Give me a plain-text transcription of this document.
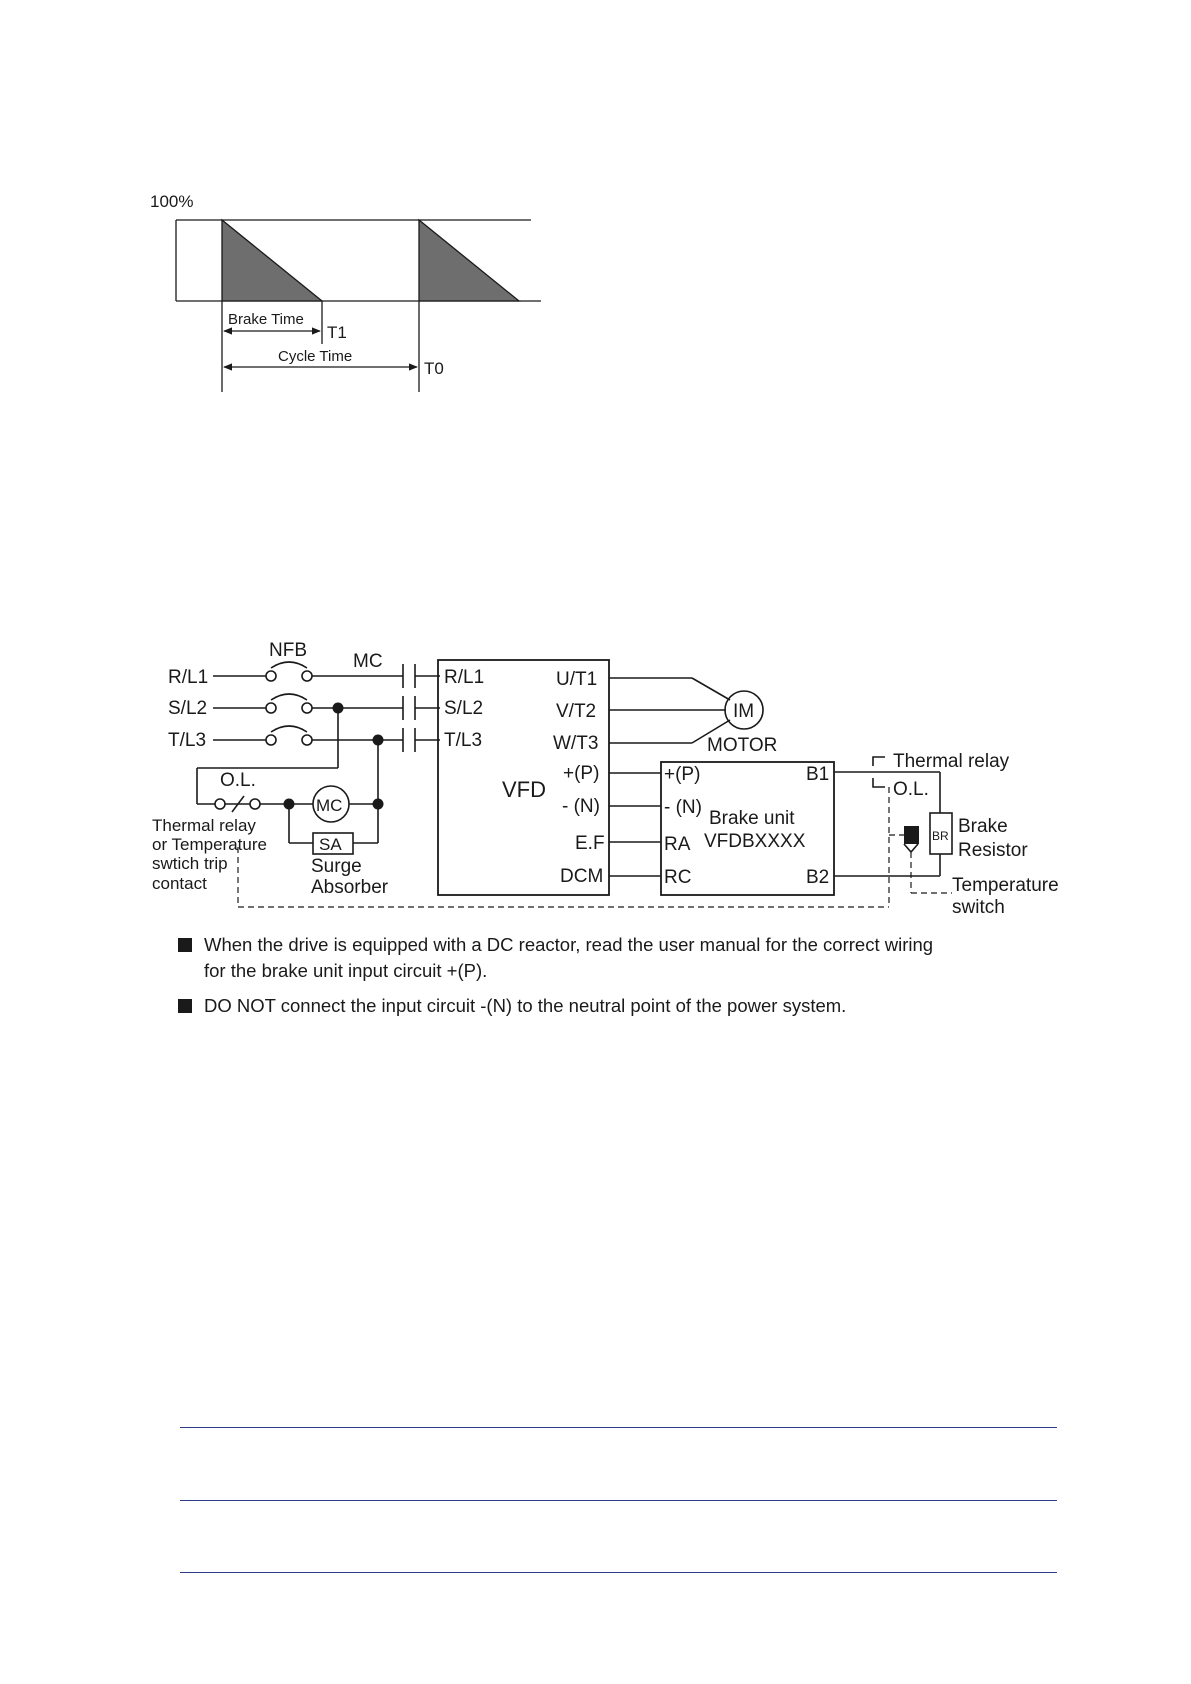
100%
Brake Time
T1
Cycle Time
T0
R/L1
S/L2
T/L3
NFB
MC
O.L.
MC
SA
Thermal relay
or Temperature
swtich trip
contact
Surge
Absorber
R/L1
S/L2
T/L3
U/T1
V/T2
W/T3
VFD
+(P)
- (N)
E.F
DCM
IM
MOTOR
+(P)
- (N)
RA
RC
B1
B2
Brake unit
VFDBXXXX
Thermal relay
O.L.
BR Brake
Resistor
Temperature
switch
When the drive is equipped with a DC reactor, read the user manual for the correct wiring
for the brake unit input circuit +(P).
DO NOT connect the input circuit -(N) to the neutral point of the power system.
